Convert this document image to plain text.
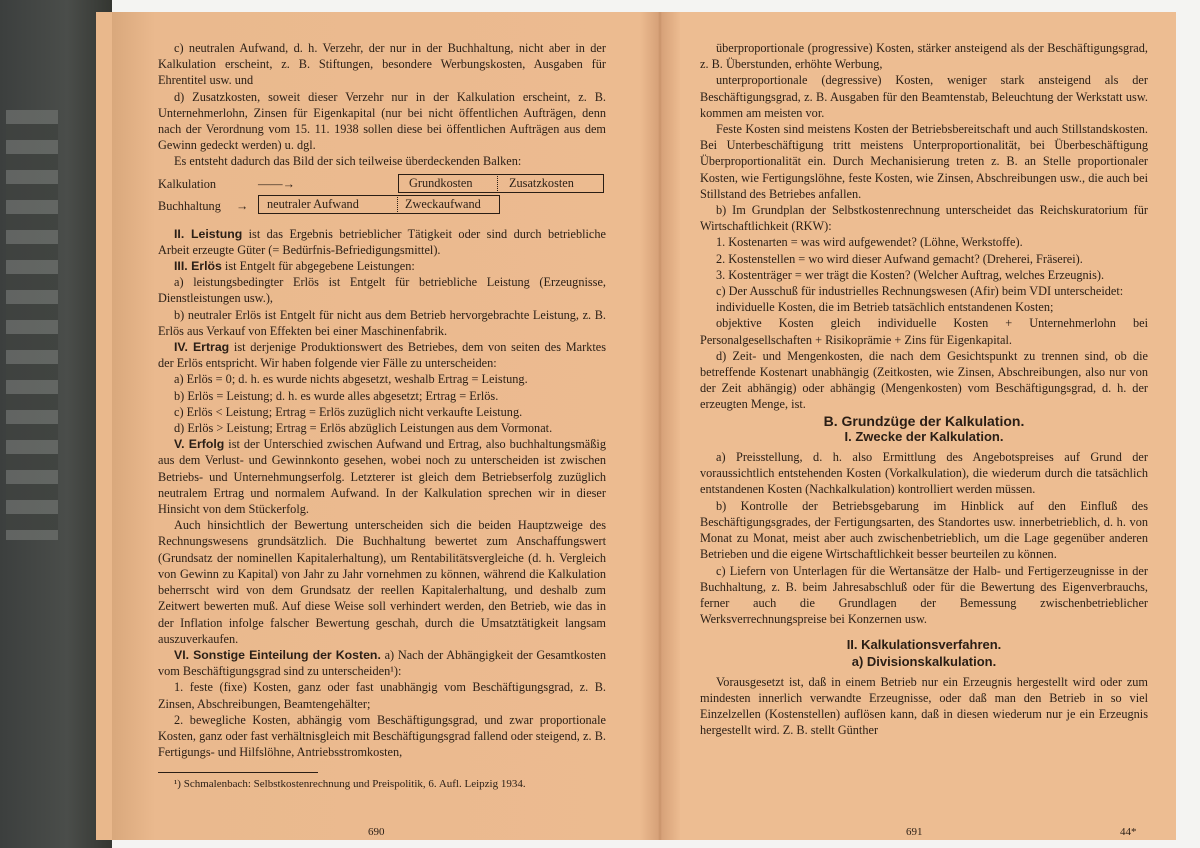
c) neutralen Aufwand, d. h. Verzehr, der nur in der Buchhaltung, nicht aber in der Kalkulation erscheint, z. B. Stiftungen, besondere Werbungskosten, Ausgaben für Ehrentitel usw. und

d) Zusatzkosten, soweit dieser Verzehr nur in der Kalkulation erscheint, z. B. Unternehmerlohn, Zinsen für Eigenkapital (nur bei nicht öffentlichen Aufträgen, denn nach der Verordnung vom 15. 11. 1938 sollen diese bei öffentlichen Aufträgen aus dem Gewinn gedeckt werden) u. dgl.

Es entsteht dadurch das Bild der sich teilweise überdeckenden Balken:

Kalkulation	——→	Grundkosten	Zusatzkosten
Buchhaltung → neutraler Aufwand	Zweckaufwand

II. Leistung ist das Ergebnis betrieblicher Tätigkeit oder sind durch betriebliche Arbeit erzeugte Güter (= Bedürfnis-Befriedigungsmittel).

III. Erlös ist Entgelt für abgegebene Leistungen:

a) leistungsbedingter Erlös ist Entgelt für betriebliche Leistung (Erzeugnisse, Dienstleistungen usw.),

b) neutraler Erlös ist Entgelt für nicht aus dem Betrieb hervorgebrachte Leistung, z. B. Erlös aus Verkauf von Effekten bei einer Maschinenfabrik.

IV. Ertrag ist derjenige Produktionswert des Betriebes, dem von seiten des Marktes der Erlös entspricht. Wir haben folgende vier Fälle zu unterscheiden:

a) Erlös = 0; d. h. es wurde nichts abgesetzt, weshalb Ertrag = Leistung.

b) Erlös = Leistung; d. h. es wurde alles abgesetzt; Ertrag = Erlös.

c) Erlös < Leistung; Ertrag = Erlös zuzüglich nicht verkaufte Leistung.

d) Erlös > Leistung; Ertrag = Erlös abzüglich Leistungen aus dem Vormonat.

V. Erfolg ist der Unterschied zwischen Aufwand und Ertrag, also buchhaltungsmäßig aus dem Verlust- und Gewinnkonto gesehen, wobei noch zu unterscheiden ist zwischen Betriebs- und Unternehmungserfolg. Letzterer ist gleich dem Betriebserfolg zuzüglich neutralem Ertrag und normalem Aufwand. In der Kalkulation sprechen wir in dieser Hinsicht von dem Stückerfolg.

Auch hinsichtlich der Bewertung unterscheiden sich die beiden Hauptzweige des Rechnungswesens grundsätzlich. Die Buchhaltung bewertet zum Anschaffungswert (Grundsatz der nominellen Kapitalerhaltung), um Rentabilitätsvergleiche (d. h. Vergleich von Gewinn zu Kapital) von Jahr zu Jahr vornehmen zu können, während die Kalkulation beherrscht wird von dem Grundsatz der reellen Kapitalerhaltung, und deshalb zum Zeitwert bewerten muß. Auf diese Weise soll verhindert werden, den Betrieb, wie das in der Inflation infolge falscher Bewertung geschah, durch die Umsatztätigkeit langsam auszuverkaufen.

VI. Sonstige Einteilung der Kosten. a) Nach der Abhängigkeit der Gesamtkosten vom Beschäftigungsgrad sind zu unterscheiden¹):

1. feste (fixe) Kosten, ganz oder fast unabhängig vom Beschäftigungsgrad, z. B. Zinsen, Abschreibungen, Beamtengehälter;

2. bewegliche Kosten, abhängig vom Beschäftigungsgrad, und zwar proportionale Kosten, ganz oder fast verhältnisgleich mit Beschäftigungsgrad fallend oder steigend, z. B. Fertigungs- und Hilfslöhne, Antriebsstromkosten,

¹) Schmalenbach: Selbstkostenrechnung und Preispolitik, 6. Aufl. Leipzig 1934.

690

überproportionale (progressive) Kosten, stärker ansteigend als der Beschäftigungsgrad, z. B. Überstunden, erhöhte Werbung,

unterproportionale (degressive) Kosten, weniger stark ansteigend als der Beschäftigungsgrad, z. B. Ausgaben für den Beamtenstab, Beleuchtung der Werkstatt usw. kommen am meisten vor.

Feste Kosten sind meistens Kosten der Betriebsbereitschaft und auch Stillstandskosten. Bei Unterbeschäftigung tritt meistens Unterproportionalität, bei Überbeschäftigung Überproportionalität ein. Durch Mechanisierung treten z. B. an Stelle proportionaler Kosten, wie Fertigungslöhne, feste Kosten, wie Zinsen, Abschreibungen usw., die auch bei Stillstand des Betriebes anfallen.

b) Im Grundplan der Selbstkostenrechnung unterscheidet das Reichskuratorium für Wirtschaftlichkeit (RKW):

1. Kostenarten = was wird aufgewendet? (Löhne, Werkstoffe).

2. Kostenstellen = wo wird dieser Aufwand gemacht? (Dreherei, Fräserei).

3. Kostenträger = wer trägt die Kosten? (Welcher Auftrag, welches Erzeugnis).

c) Der Ausschuß für industrielles Rechnungswesen (Afir) beim VDI unterscheidet:

individuelle Kosten, die im Betrieb tatsächlich entstandenen Kosten;

objektive Kosten gleich individuelle Kosten + Unternehmerlohn bei Personalgesellschaften + Risikoprämie + Zins für Eigenkapital.

d) Zeit- und Mengenkosten, die nach dem Gesichtspunkt zu trennen sind, ob die betreffende Kostenart unabhängig (Zeitkosten, wie Zinsen, Abschreibungen, also nur von der Zeit abhängig) oder abhängig (Mengenkosten) vom Beschäftigungsgrad, d. h. der erzeugten Menge, ist.

B. Grundzüge der Kalkulation.

I. Zwecke der Kalkulation.

a) Preisstellung, d. h. also Ermittlung des Angebotspreises auf Grund der voraussichtlich entstehenden Kosten (Vorkalkulation), die wiederum durch die tatsächlich entstandenen Kosten (Nachkalkulation) kontrolliert werden müssen.

b) Kontrolle der Betriebsgebarung im Hinblick auf den Einfluß des Beschäftigungsgrades, der Fertigungsarten, des Standortes usw. innerbetrieblich, d. h. von Monat zu Monat, meist aber auch zwischenbetrieblich, um die Lage gegenüber anderen Betrieben und die eigene Wirtschaftlichkeit besser beurteilen zu können.

c) Liefern von Unterlagen für die Wertansätze der Halb- und Fertigerzeugnisse in der Buchhaltung, z. B. beim Jahresabschluß oder für die Bewertung des Eigenverbrauchs, ferner auch die Grundlagen der Bemessung zwischenbetrieblicher Werksverrechnungspreise bei Konzernen usw.

II. Kalkulationsverfahren.

a) Divisionskalkulation.

Vorausgesetzt ist, daß in einem Betrieb nur ein Erzeugnis hergestellt wird oder zum mindesten innerlich verwandte Erzeugnisse, oder daß man den Betrieb in so viel Einzelzellen (Kostenstellen) auflösen kann, daß in diesen wiederum nur je ein Erzeugnis hergestellt wird. Z. B. stellt Günther

691	44*
